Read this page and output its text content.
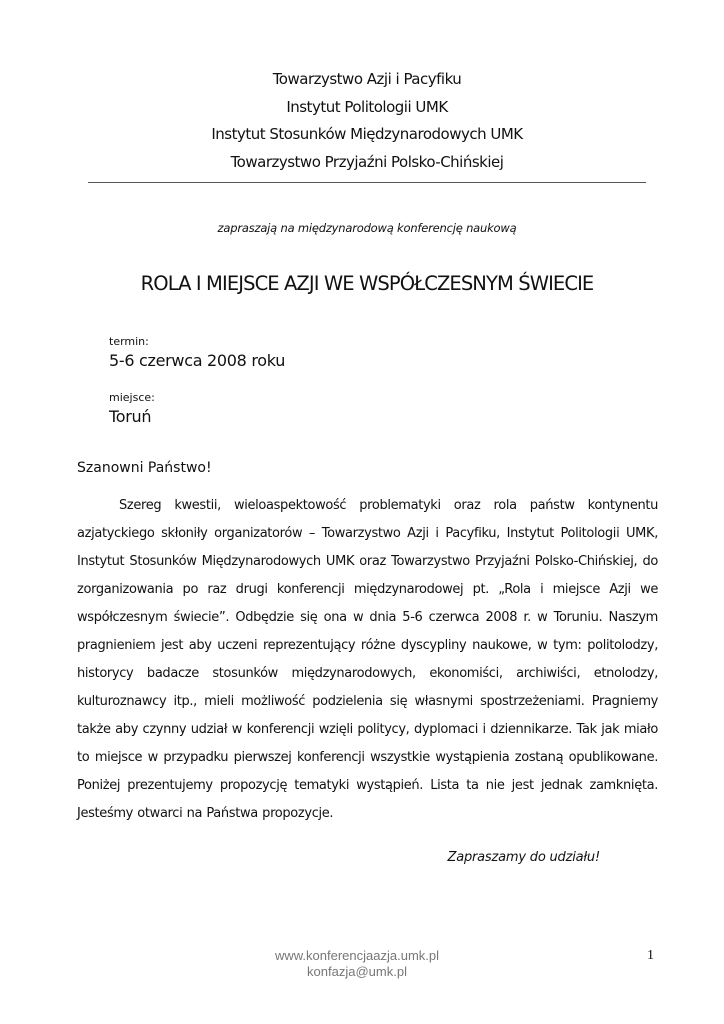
Towarzystwo Azji i Pacyfiku
Instytut Politologii UMK
Instytut Stosunków Międzynarodowych UMK
Towarzystwo Przyjaźni Polsko-Chińskiej
zapraszają na międzynarodową konferencję naukową
ROLA I MIEJSCE AZJI WE WSPÓŁCZESNYM ŚWIECIE
termin:
5-6 czerwca 2008 roku
miejsce:
Toruń
Szanowni Państwo!
Szereg kwestii, wieloaspektowość problematyki oraz rola państw kontynentu azjatyckiego skłoniły organizatorów – Towarzystwo Azji i Pacyfiku, Instytut Politologii UMK, Instytut Stosunków Międzynarodowych UMK oraz Towarzystwo Przyjaźni Polsko-Chińskiej, do zorganizowania po raz drugi konferencji międzynarodowej pt. „Rola i miejsce Azji we współczesnym świecie”. Odbędzie się ona w dnia 5-6 czerwca 2008 r. w Toruniu. Naszym pragnieniem jest aby uczeni reprezentujący różne dyscypliny naukowe, w tym: politolodzy, historycy badacze stosunków międzynarodowych, ekonomiści, archiwiści, etnolodzy, kulturoznawcy itp., mieli możliwość podzielenia się własnymi spostrzeżeniami. Pragniemy także aby czynny udział w konferencji wzięli politycy, dyplomaci i dziennikarze. Tak jak miało to miejsce w przypadku pierwszej konferencji wszystkie wystąpienia zostaną opublikowane. Poniżej prezentujemy propozycję tematyki wystąpień. Lista ta nie jest jednak zamknięta. Jesteśmy otwarci na Państwa propozycje.
Zapraszamy do udziału!
www.konferencjaazja.umk.pl
konfazja@umk.pl
1
